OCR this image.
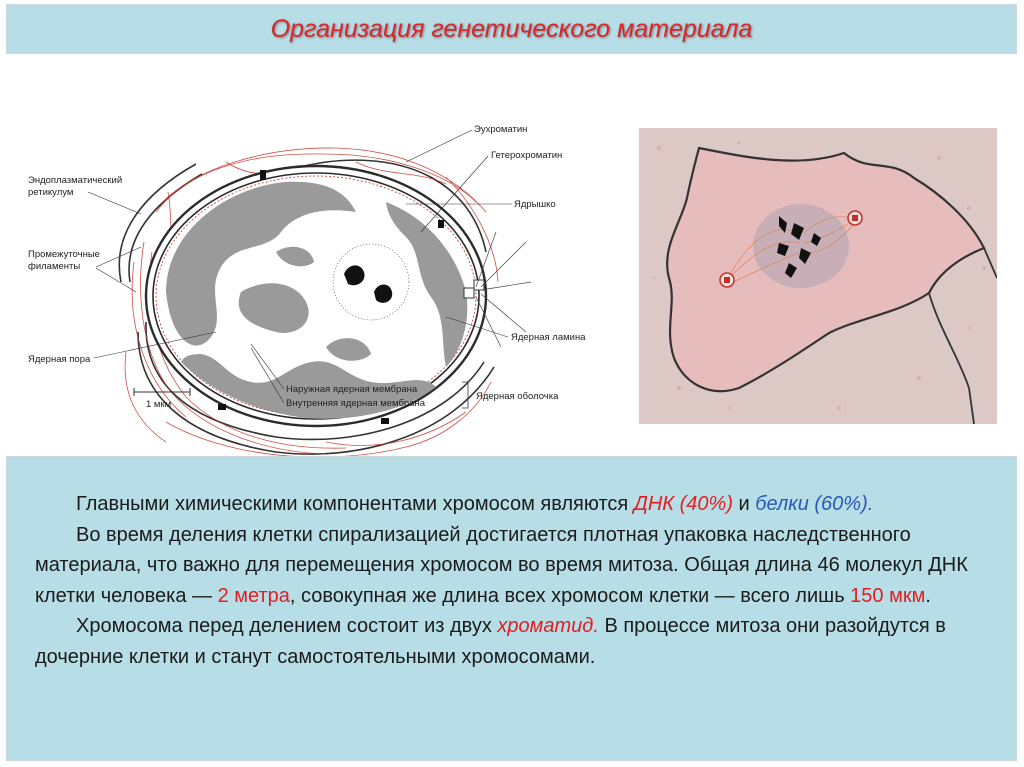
Организация генетического материала
Эухроматин
Гетерохроматин
Эндоплазматический
ретикулум
Ядрышко
Промежуточные
филаменты
Ядерная ламина
Ядерная пора
Наружная ядерная мембрана
Внутренняя ядерная мембрана
Ядерная оболочка
1 мкм

Главными химическими компонентами хромосом являются ДНК (40%) и белки (60%).

Во время деления клетки спирализацией достигается плотная упаковка наследственного материала, что важно для перемещения хромосом во время митоза. Общая длина 46 молекул ДНК клетки человека — 2 метра, совокупная же длина всех хромосом клетки — всего лишь 150 мкм.

Хромосома перед делением состоит из двух хроматид. В процессе митоза они разойдутся в дочерние клетки и станут самостоятельными хромосомами.
